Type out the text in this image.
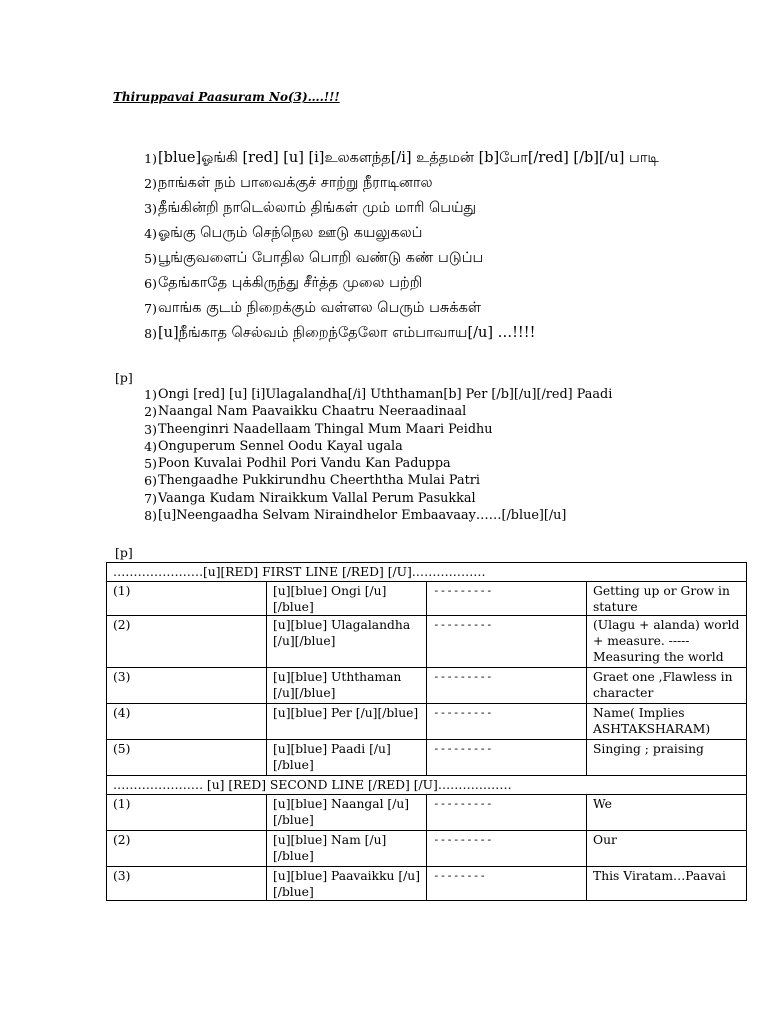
Thiruppavai Paasuram No(3)….!!!

1) [blue]ஓங்கி [red] [u] [i]உலகளந்த[/i] உத்தமன் [b]போ[/red] [/b][/u] பாடி
2) நாங்கள் நம் பாவைக்குச் சாற்று நீராடினால
3) தீங்கின்றி நாடெல்லாம் திங்கள் மும் மாரி பெய்து
4) ஓங்கு பெரும் செந்நெல ஊடு கயலுகலப்
5) பூங்குவளைப் போதில பொறி வண்டு கண் படுப்ப
6) தேங்காதே புக்கிருந்து சீர்த்த முலை பற்றி
7) வாங்க குடம் நிறைக்கும் வள்ளல பெரும் பசுக்கள்
8) [u]நீங்காத செல்வம் நிறைந்தேலோ எம்பாவாய[/u] …!!!!

[p]

1) Ongi [red] [u] [i]Ulagalandha[/i] Uththaman[b] Per [/b][/u][/red] Paadi
2) Naangal Nam Paavaikku Chaatru Neeraadinaal
3) Theenginri Naadellaam Thingal Mum Maari Peidhu
4) Onguperum Sennel Oodu Kayal ugala
5) Poon Kuvalai Podhil Pori Vandu Kan Paduppa
6) Thengaadhe Pukkirundhu Cheerththa Mulai Patri
7) Vaanga Kudam Niraikkum Vallal Perum Pasukkal
8) [u]Neengaadha Selvam Niraindhelor Embaavaay……[/blue][/u]

[p]

………………….[u][RED] FIRST LINE [/RED] [/U]………………			
(1)	[u][blue] Ongi [/u][/blue]	---------	Getting up or Grow in stature
(2)	[u][blue] Ulagalandha [/u][/blue]	---------	(Ulagu + alanda) world + measure. -----Measuring the world
(3)	[u][blue] Uththaman [/u][/blue]	---------	Graet one ,Flawless in character
(4)	[u][blue] Per [/u][/blue]	---------	Name( Implies ASHTAKSHARAM)
(5)	[u][blue] Paadi [/u][/blue]	---------	Singing ; praising
…………………. [u] [RED] SECOND LINE [/RED] [/U]………………			
(1)	[u][blue] Naangal [/u][/blue]	---------	We
(2)	[u][blue] Nam [/u][/blue]	---------	Our
(3)	[u][blue] Paavaikku [/u][/blue]	--------	This Viratam…Paavai
